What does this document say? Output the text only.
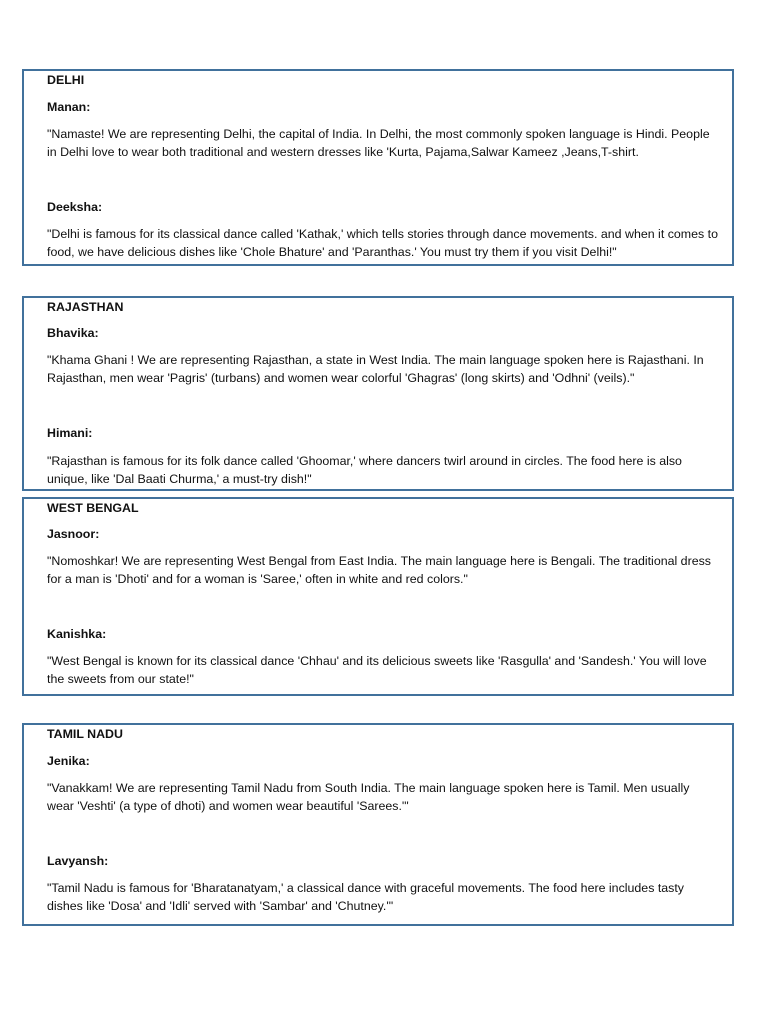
DELHI
Manan:
"Namaste! We are representing Delhi, the capital of India. In Delhi, the most commonly spoken language is Hindi. People in Delhi love to wear both traditional and western dresses like 'Kurta, Pajama,Salwar Kameez ,Jeans,T-shirt.
Deeksha:
"Delhi is famous for its classical dance called 'Kathak,' which tells stories through dance movements. and when it comes to food, we have delicious dishes like 'Chole Bhature' and 'Paranthas.' You must try them if you visit Delhi!"
RAJASTHAN
Bhavika:
"Khama Ghani ! We are representing Rajasthan, a state in West India. The main language spoken here is Rajasthani. In Rajasthan, men wear 'Pagris' (turbans) and women wear colorful 'Ghagras' (long skirts) and 'Odhni' (veils)."
Himani:
"Rajasthan is famous for its folk dance called 'Ghoomar,' where dancers twirl around in circles. The food here is also unique, like 'Dal Baati Churma,' a must-try dish!"
WEST BENGAL
Jasnoor:
"Nomoshkar! We are representing West Bengal from East India. The main language here is Bengali. The traditional dress for a man is 'Dhoti' and for a woman is 'Saree,' often in white and red colors."
Kanishka:
"West Bengal is known for its classical dance 'Chhau' and its delicious sweets like 'Rasgulla' and 'Sandesh.' You will love the sweets from our state!"
TAMIL NADU
Jenika:
"Vanakkam! We are representing Tamil Nadu from South India. The main language spoken here is Tamil. Men usually wear 'Veshti' (a type of dhoti) and women wear beautiful 'Sarees.'"
Lavyansh:
"Tamil Nadu is famous for 'Bharatanatyam,' a classical dance with graceful movements. The food here includes tasty dishes like 'Dosa' and 'Idli' served with 'Sambar' and 'Chutney.'"
